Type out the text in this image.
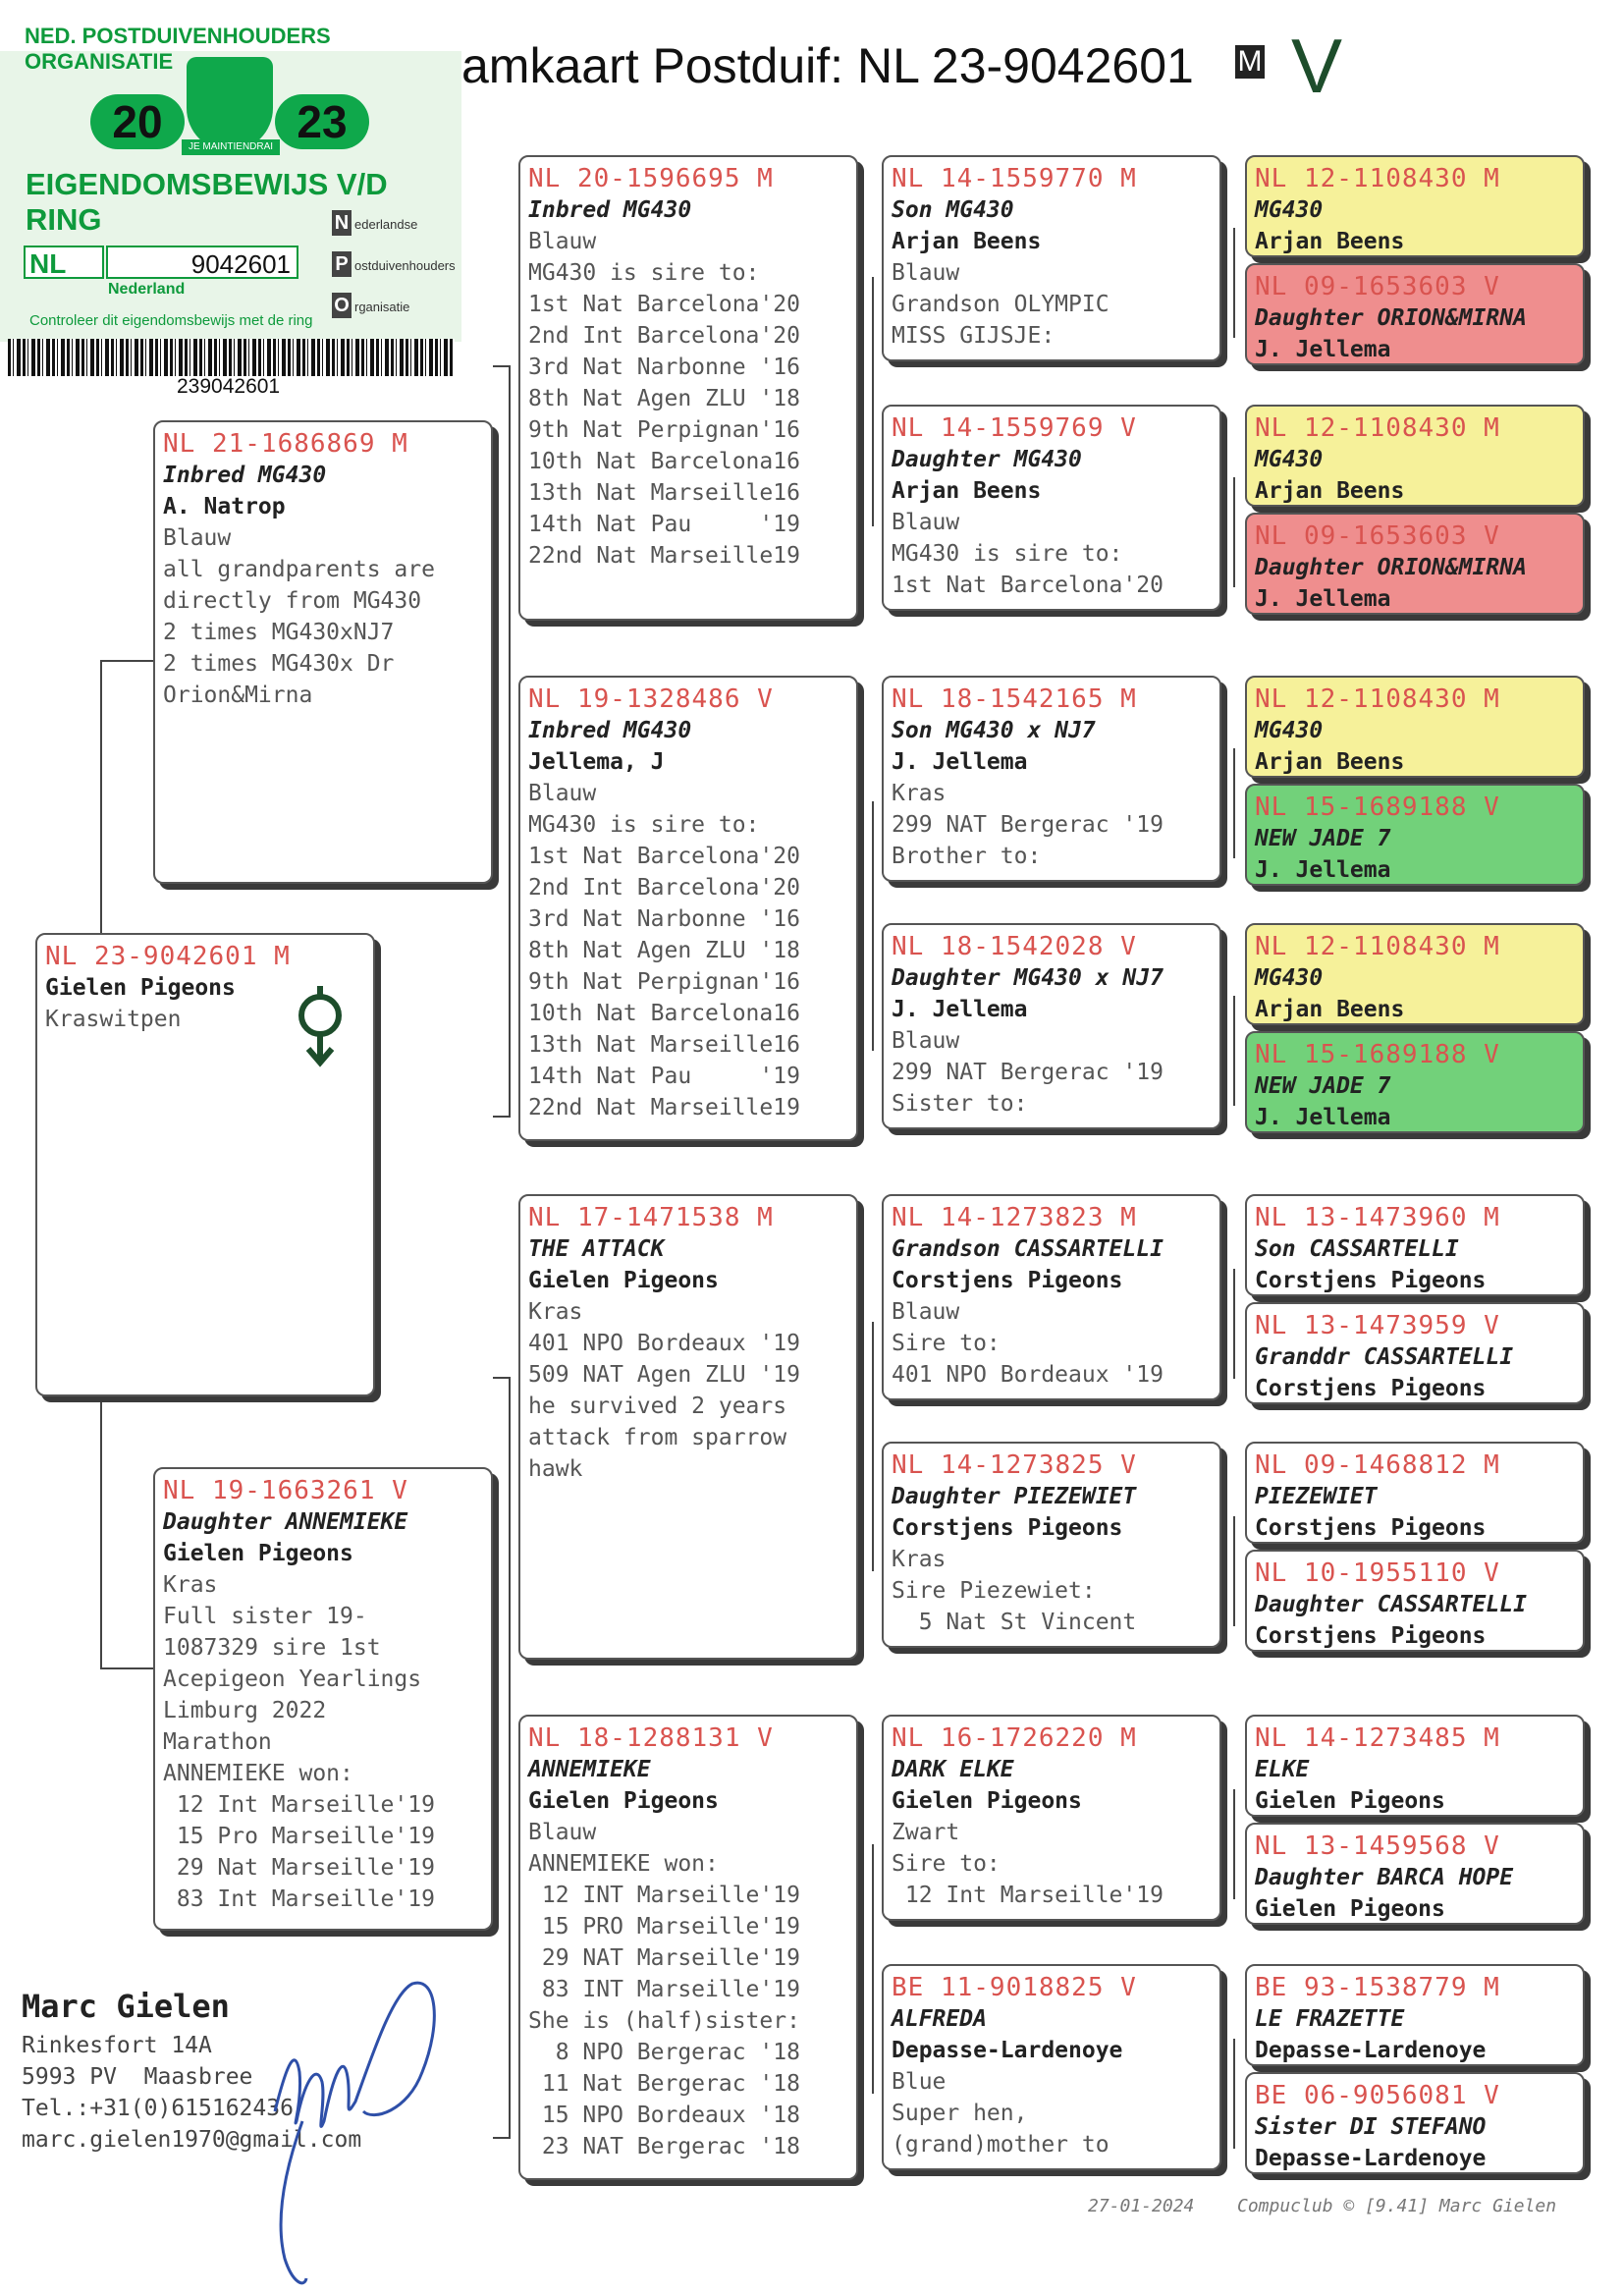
amkaart Postduif: NL 23-9042601 M V
NED. POSTDUIVENHOUDERS ORGANISATIE
20	23
JE MAINTIENDRAI
EIGENDOMSBEWIJS V/D RING
NL	9042601
Nederland
N ederlandse
P ostduivenhouders
O rganisatie
Controleer dit eigendomsbewijs met de ring
239042601
NL 23-9042601 M
Gielen Pigeons
Kraswitpen
NL 21-1686869 M
Inbred MG430
A. Natrop
Blauw
all grandparents are
directly from MG430
2 times MG430xNJ7
2 times MG430x Dr
Orion&Mirna
NL 19-1663261 V
Daughter ANNEMIEKE
Gielen Pigeons
Kras
Full sister 19-
1087329 sire 1st
Acepigeon Yearlings
Limburg 2022
Marathon
ANNEMIEKE won:
12 Int Marseille'19
15 Pro Marseille'19
29 Nat Marseille'19
83 Int Marseille'19
NL 20-1596695 M
Inbred MG430
Blauw
MG430 is sire to:
1st Nat Barcelona'20
2nd Int Barcelona'20
3rd Nat Narbonne '16
8th Nat Agen ZLU '18
9th Nat Perpignan'16
10th Nat Barcelona16
13th Nat Marseille16
14th Nat Pau     '19
22nd Nat Marseille19
NL 19-1328486 V
Inbred MG430
Jellema, J
Blauw
MG430 is sire to:
1st Nat Barcelona'20
2nd Int Barcelona'20
3rd Nat Narbonne '16
8th Nat Agen ZLU '18
9th Nat Perpignan'16
10th Nat Barcelona16
13th Nat Marseille16
14th Nat Pau     '19
22nd Nat Marseille19
NL 17-1471538 M
THE ATTACK
Gielen Pigeons
Kras
401 NPO Bordeaux '19
509 NAT Agen ZLU '19
he survived 2 years
attack from sparrow
hawk
NL 18-1288131 V
ANNEMIEKE
Gielen Pigeons
Blauw
ANNEMIEKE won:
12 INT Marseille'19
15 PRO Marseille'19
29 NAT Marseille'19
83 INT Marseille'19
She is (half)sister:
8 NPO Bergerac '18
11 Nat Bergerac '18
15 NPO Bordeaux '18
23 NAT Bergerac '18
NL 14-1559770 M
Son MG430
Arjan Beens
Blauw
Grandson OLYMPIC
MISS GIJSJE:
NL 14-1559769 V
Daughter MG430
Arjan Beens
Blauw
MG430 is sire to:
1st Nat Barcelona'20
NL 18-1542165 M
Son MG430 x NJ7
J. Jellema
Kras
299 NAT Bergerac '19
Brother to:
NL 18-1542028 V
Daughter MG430 x NJ7
J. Jellema
Blauw
299 NAT Bergerac '19
Sister to:
NL 14-1273823 M
Grandson CASSARTELLI
Corstjens Pigeons
Blauw
Sire to:
401 NPO Bordeaux '19
NL 14-1273825 V
Daughter PIEZEWIET
Corstjens Pigeons
Kras
Sire Piezewiet:
5 Nat St Vincent
NL 16-1726220 M
DARK ELKE
Gielen Pigeons
Zwart
Sire to:
12 Int Marseille'19
BE 11-9018825 V
ALFREDA
Depasse-Lardenoye
Blue
Super hen,
(grand)mother to
NL 12-1108430 M
MG430
Arjan Beens
NL 09-1653603 V
Daughter ORION&MIRNA
J. Jellema
NL 12-1108430 M
MG430
Arjan Beens
NL 09-1653603 V
Daughter ORION&MIRNA
J. Jellema
NL 12-1108430 M
MG430
Arjan Beens
NL 15-1689188 V
NEW JADE 7
J. Jellema
NL 12-1108430 M
MG430
Arjan Beens
NL 15-1689188 V
NEW JADE 7
J. Jellema
NL 13-1473960 M
Son CASSARTELLI
Corstjens Pigeons
NL 13-1473959 V
Granddr CASSARTELLI
Corstjens Pigeons
NL 09-1468812 M
PIEZEWIET
Corstjens Pigeons
NL 10-1955110 V
Daughter CASSARTELLI
Corstjens Pigeons
NL 14-1273485 M
ELKE
Gielen Pigeons
NL 13-1459568 V
Daughter BARCA HOPE
Gielen Pigeons
BE 93-1538779 M
LE FRAZETTE
Depasse-Lardenoye
BE 06-9056081 V
Sister DI STEFANO
Depasse-Lardenoye
Marc Gielen
Rinkesfort 14A
5993 PV  Maasbree
Tel.:+31(0)615162436
marc.gielen1970@gmail.com
27-01-2024 Compuclub © [9.41] Marc Gielen
